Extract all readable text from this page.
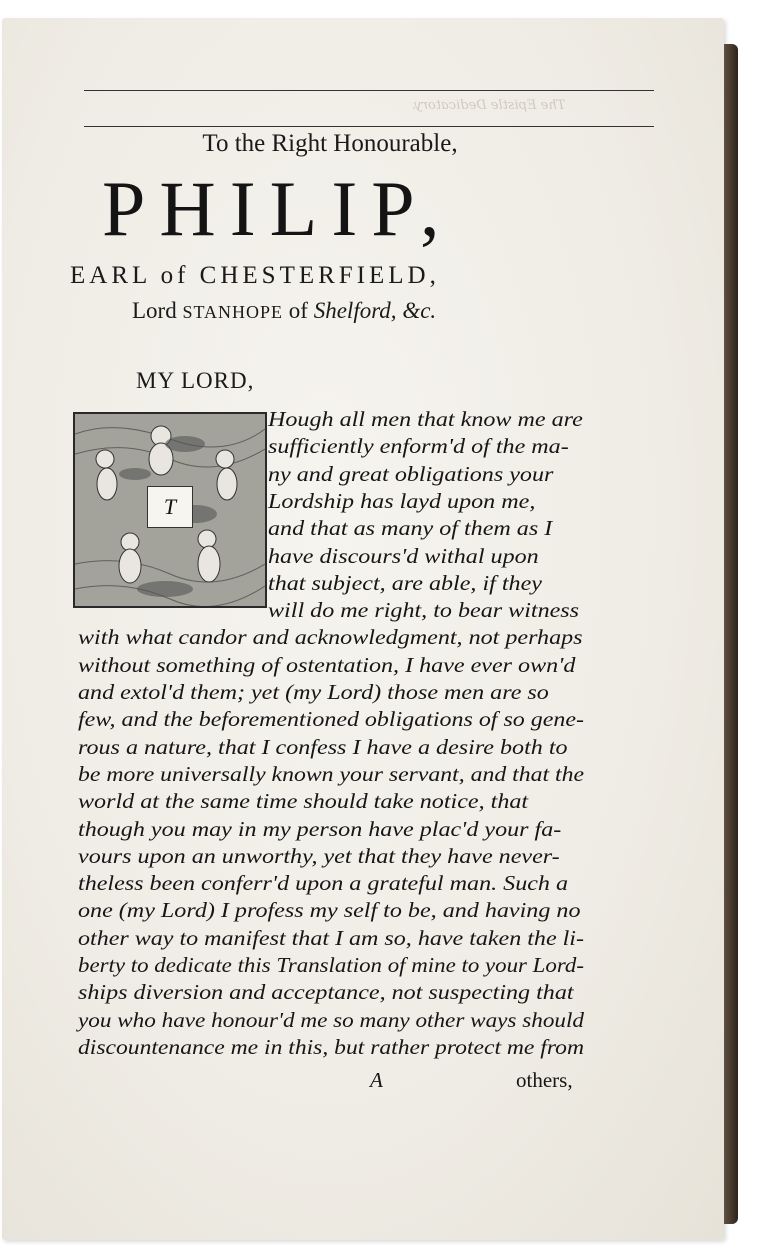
The Epistle Dedicatory.
To the Right Honourable,
PHILIP,
EARL of CHESTERFIELD,
Lord STANHOPE of Shelford, &c.
MY LORD,
T
Hough all men that know me are
sufficiently enform'd of the ma-
ny and great obligations your
Lordship has layd upon me,
and that as many of them as I
have discours'd withal upon
that subject, are able, if they
will do me right, to bear witness
with what candor and acknowledgment, not perhaps
without something of ostentation, I have ever own'd
and extol'd them; yet (my Lord) those men are so
few, and the beforementioned obligations of so gene-
rous a nature, that I confess I have a desire both to
be more universally known your servant, and that the
world at the same time should take notice, that
though you may in my person have plac'd your fa-
vours upon an unworthy, yet that they have never-
theless been conferr'd upon a grateful man. Such a
one (my Lord) I profess my self to be, and having no
other way to manifest that I am so, have taken the li-
berty to dedicate this Translation of mine to your Lord-
ships diversion and acceptance, not suspecting that
you who have honour'd me so many other ways should
discountenance me in this, but rather protect me from
A	others,
